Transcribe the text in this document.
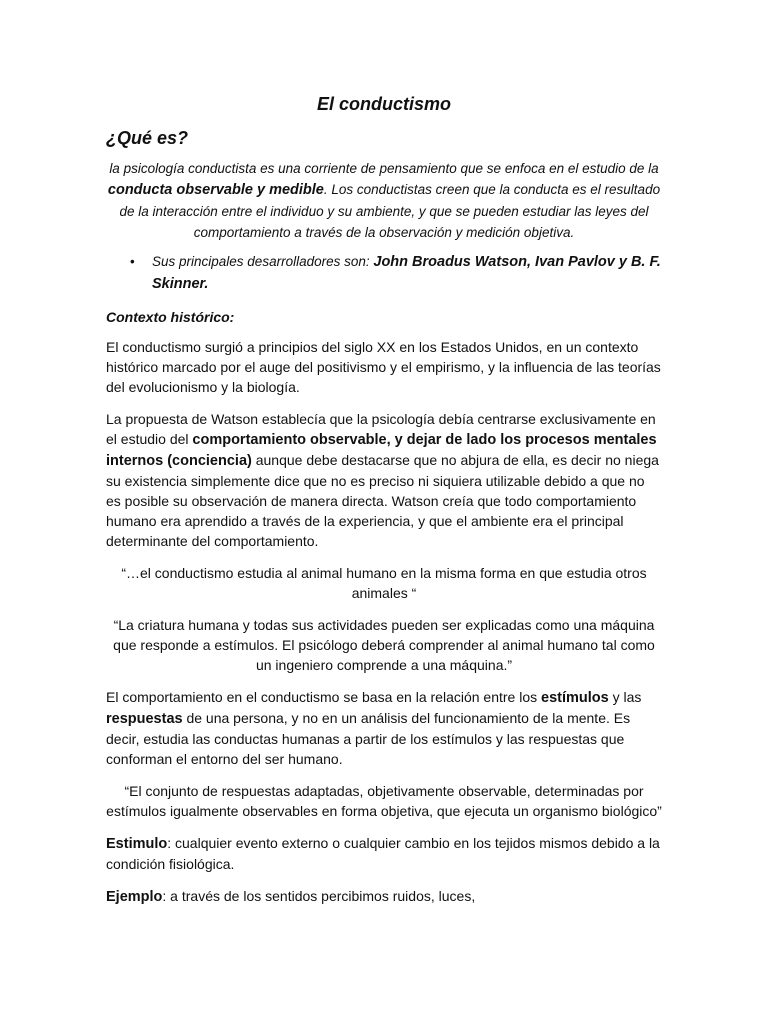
El conductismo
¿Qué es?

la psicología conductista es una corriente de pensamiento que se enfoca en el estudio de la conducta observable y medible. Los conductistas creen que la conducta es el resultado de la interacción entre el individuo y su ambiente, y que se pueden estudiar las leyes del comportamiento a través de la observación y medición objetiva.

• Sus principales desarrolladores son: John Broadus Watson, Ivan Pavlov y B. F. Skinner.
Contexto histórico:

El conductismo surgió a principios del siglo XX en los Estados Unidos, en un contexto histórico marcado por el auge del positivismo y el empirismo, y la influencia de las teorías del evolucionismo y la biología.

La propuesta de Watson establecía que la psicología debía centrarse exclusivamente en el estudio del comportamiento observable, y dejar de lado los procesos mentales internos (conciencia) aunque debe destacarse que no abjura de ella, es decir no niega su existencia simplemente dice que no es preciso ni siquiera utilizable debido a que no es posible su observación de manera directa. Watson creía que todo comportamiento humano era aprendido a través de la experiencia, y que el ambiente era el principal determinante del comportamiento.

“…el conductismo estudia al animal humano en la misma forma en que estudia otros animales “

“La criatura humana y todas sus actividades pueden ser explicadas como una máquina que responde a estímulos. El psicólogo deberá comprender al animal humano tal como un ingeniero comprende a una máquina.”

El comportamiento en el conductismo se basa en la relación entre los estímulos y las respuestas de una persona, y no en un análisis del funcionamiento de la mente. Es decir, estudia las conductas humanas a partir de los estímulos y las respuestas que conforman el entorno del ser humano.

“El conjunto de respuestas adaptadas, objetivamente observable, determinadas por estímulos igualmente observables en forma objetiva, que ejecuta un organismo biológico”

Estimulo: cualquier evento externo o cualquier cambio en los tejidos mismos debido a la condición fisiológica.

Ejemplo: a través de los sentidos percibimos ruidos, luces,
